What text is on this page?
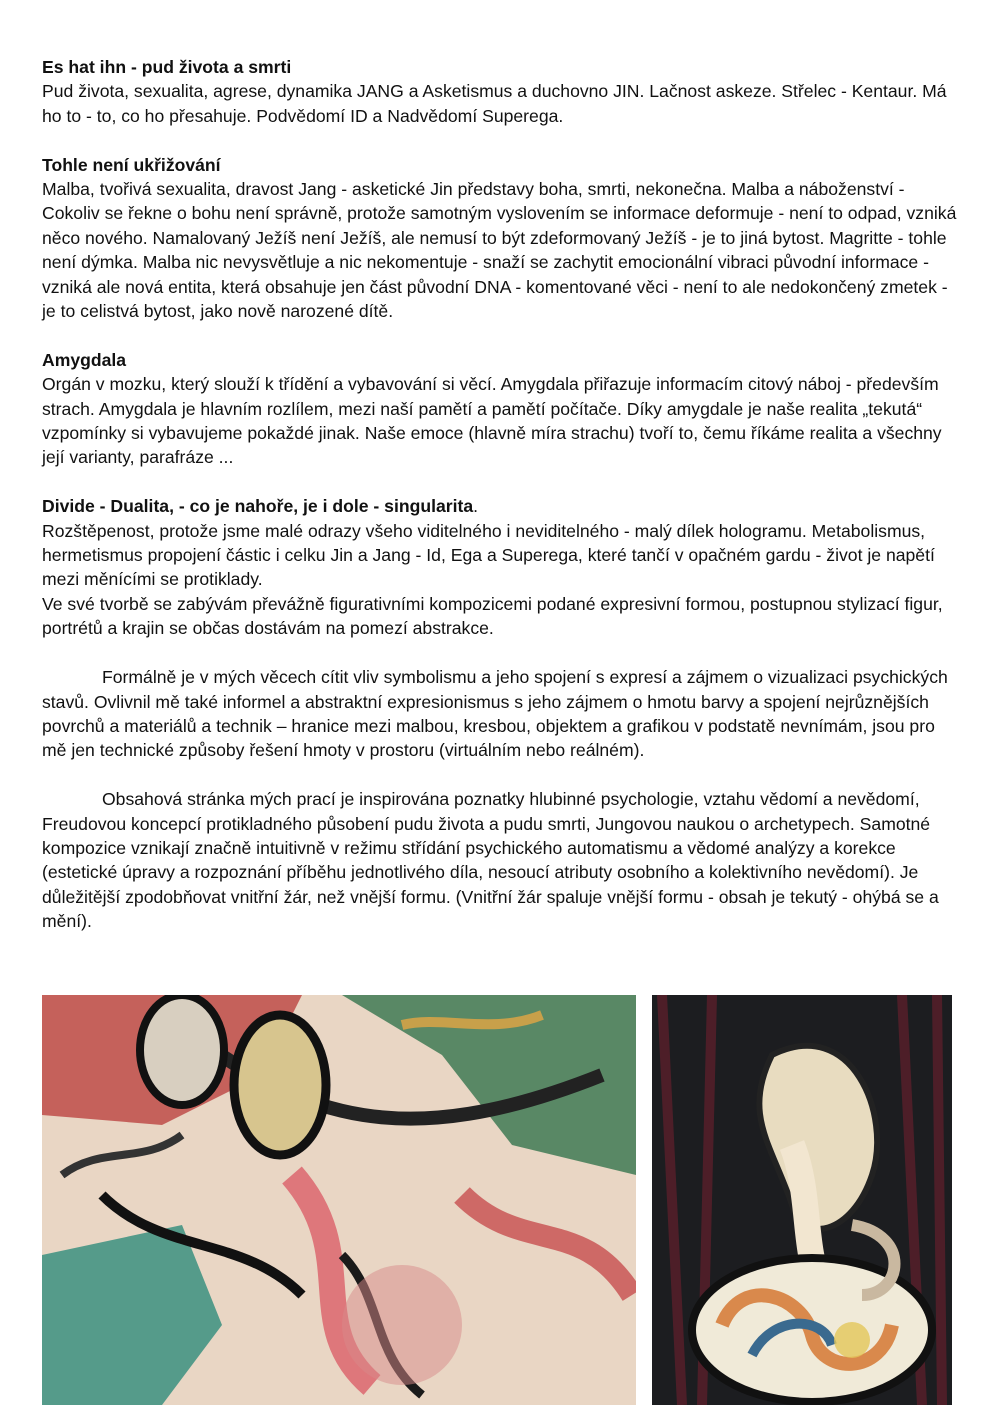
Es hat ihn - pud života a smrti

Pud života, sexualita, agrese, dynamika JANG a Asketismus a duchovno JIN. Lačnost askeze. Střelec - Kentaur. Má ho to - to, co ho přesahuje. Podvědomí ID a Nadvědomí Superega.

Tohle není ukřižování

Malba, tvořivá sexualita, dravost Jang - asketické Jin představy boha, smrti, nekonečna. Malba a náboženství - Cokoliv se řekne o bohu není správně, protože samotným vyslovením se informace deformuje - není to odpad, vzniká něco nového. Namalovaný Ježíš není Ježíš, ale nemusí to být zdeformovaný Ježíš - je to jiná bytost. Magritte - tohle není dýmka. Malba nic nevysvětluje a nic nekomentuje - snaží se zachytit emocionální vibraci původní informace - vzniká ale nová entita, která obsahuje jen část původní DNA - komentované věci - není to ale nedokončený zmetek - je to celistvá bytost, jako nově narozené dítě.

Amygdala

Orgán v mozku, který slouží k třídění a vybavování si věcí. Amygdala přiřazuje informacím citový náboj - především strach. Amygdala je hlavním rozlílem, mezi naší pamětí a pamětí počítače. Díky amygdale je naše realita „tekutá“ vzpomínky si vybavujeme pokaždé jinak. Naše emoce (hlavně míra strachu) tvoří to, čemu říkáme realita a všechny její varianty, parafráze ...

Divide - Dualita, - co je nahoře, je i dole - singularita.

Rozštěpenost, protože jsme malé odrazy všeho viditelného i neviditelného - malý dílek hologramu. Metabolismus, hermetismus propojení částic i celku Jin a Jang - Id, Ega a Superega, které tančí v opačném gardu - život je napětí mezi měnícími se protiklady.

Ve své tvorbě se zabývám převážně figurativními kompozicemi podané expresivní formou, postupnou stylizací figur, portrétů a krajin se občas dostávám na pomezí abstrakce.

Formálně je v mých věcech cítit vliv symbolismu a jeho spojení s expresí a zájmem o vizualizaci psychických stavů. Ovlivnil mě také informel a abstraktní expresionismus s jeho zájmem o hmotu barvy a spojení nejrůznějších povrchů a materiálů a technik – hranice mezi malbou, kresbou, objektem a grafikou v podstatě nevnímám, jsou pro mě jen technické způsoby řešení hmoty v prostoru (virtuálním nebo reálném).

Obsahová stránka mých prací je inspirována poznatky hlubinné psychologie, vztahu vědomí a nevědomí, Freudovou koncepcí protikladného působení pudu života a pudu smrti, Jungovou naukou o archetypech. Samotné kompozice vznikají značně intuitivně v režimu střídání psychického automatismu a vědomé analýzy a korekce (estetické úpravy a rozpoznání příběhu jednotlivého díla, nesoucí atributy osobního a kolektivního nevědomí). Je důležitější zpodobňovat vnitřní žár, než vnější formu. (Vnitřní žár spaluje vnější formu - obsah je tekutý - ohýbá se a mění).
